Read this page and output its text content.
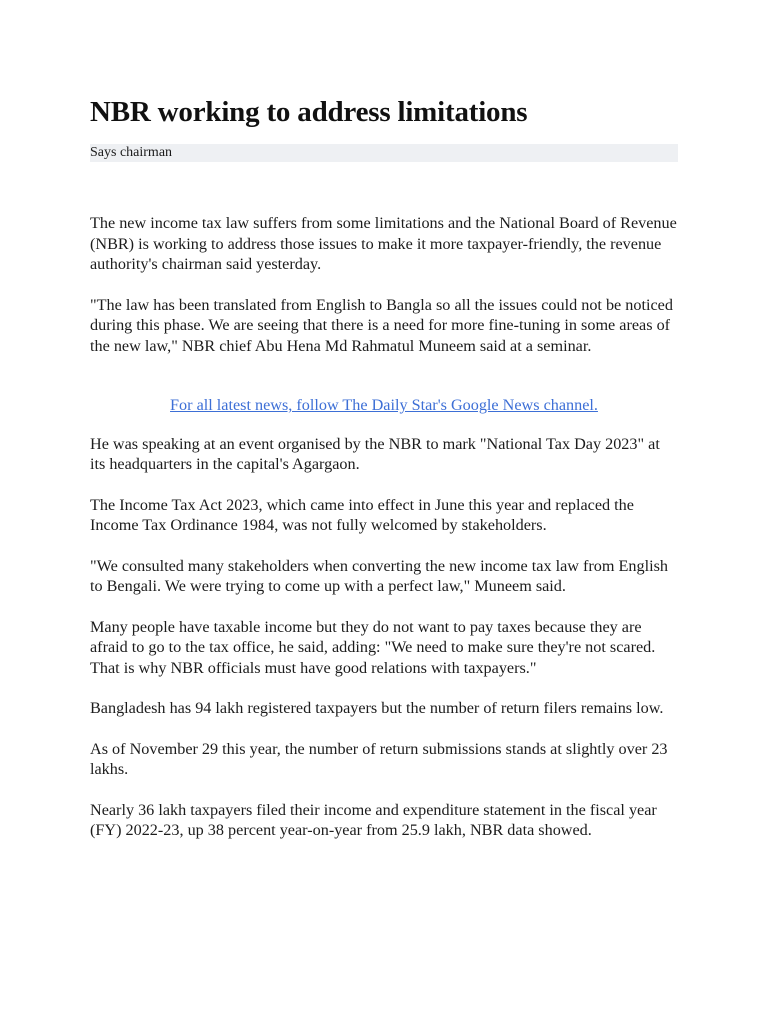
NBR working to address limitations
Says chairman

The new income tax law suffers from some limitations and the National Board of Revenue (NBR) is working to address those issues to make it more taxpayer-friendly, the revenue authority's chairman said yesterday.

"The law has been translated from English to Bangla so all the issues could not be noticed during this phase. We are seeing that there is a need for more fine-tuning in some areas of the new law," NBR chief Abu Hena Md Rahmatul Muneem said at a seminar.

For all latest news, follow The Daily Star's Google News channel.

He was speaking at an event organised by the NBR to mark "National Tax Day 2023" at its headquarters in the capital's Agargaon.

The Income Tax Act 2023, which came into effect in June this year and replaced the Income Tax Ordinance 1984, was not fully welcomed by stakeholders.

"We consulted many stakeholders when converting the new income tax law from English to Bengali. We were trying to come up with a perfect law," Muneem said.

Many people have taxable income but they do not want to pay taxes because they are afraid to go to the tax office, he said, adding: "We need to make sure they're not scared. That is why NBR officials must have good relations with taxpayers."

Bangladesh has 94 lakh registered taxpayers but the number of return filers remains low.

As of November 29 this year, the number of return submissions stands at slightly over 23 lakhs.

Nearly 36 lakh taxpayers filed their income and expenditure statement in the fiscal year (FY) 2022-23, up 38 percent year-on-year from 25.9 lakh, NBR data showed.
